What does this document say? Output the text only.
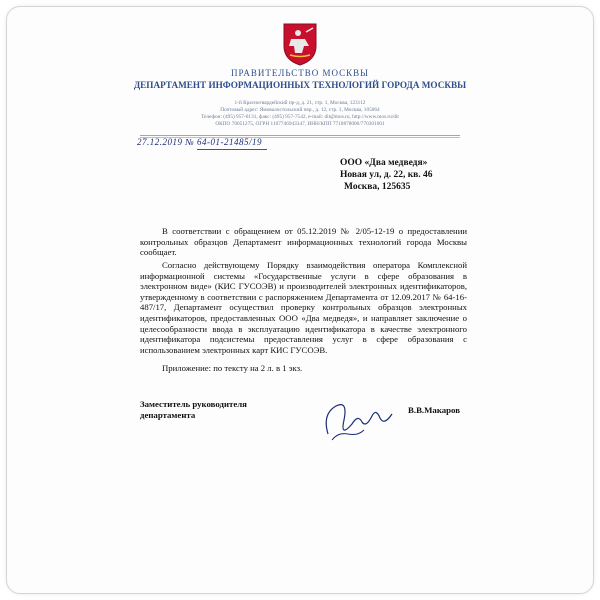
ПРАВИТЕЛЬСТВО МОСКВЫ
ДЕПАРТАМЕНТ ИНФОРМАЦИОННЫХ ТЕХНОЛОГИЙ ГОРОДА МОСКВЫ
1-й Красногвардейский пр-д, д. 21, стр. 1, Москва, 123112
Почтовый адрес: Ямовалостольский пер., д. 12, стр. 1, Москва, 105064
Телефон: (495) 957-0131, факс: (495) 957-7542, e-mail: dit@mos.ru, http://www.mos.ru/dit
ОКПО 70051275, ОГРН 1107746943347, ИНН/КПП 7710878000/770301001
27.12.2019 № 64-01-21485/19
ООО «Два медведя»
Новая ул, д. 22, кв. 46
Москва, 125635
В соответствии с обращением от 05.12.2019 № 2/05-12-19 о предоставлении контрольных образцов Департамент информационных технологий города Москвы сообщает.
Согласно действующему Порядку взаимодействия оператора Комплексной информационной системы «Государственные услуги в сфере образования в электронном виде» (КИС ГУСОЭВ) и производителей электронных идентификаторов, утвержденному в соответствии с распоряжением Департамента от 12.09.2017 № 64-16-487/17, Департамент осуществил проверку контрольных образцов электронных идентификаторов, предоставленных ООО «Два медведя», и направляет заключение о целесообразности ввода в эксплуатацию идентификатора в качестве электронного идентификатора подсистемы предоставления услуг в сфере образования с использованием электронных карт КИС ГУСОЭВ.
Приложение: по тексту на 2 л. в 1 экз.
Заместитель руководителя
департамента	В.В.Макаров
